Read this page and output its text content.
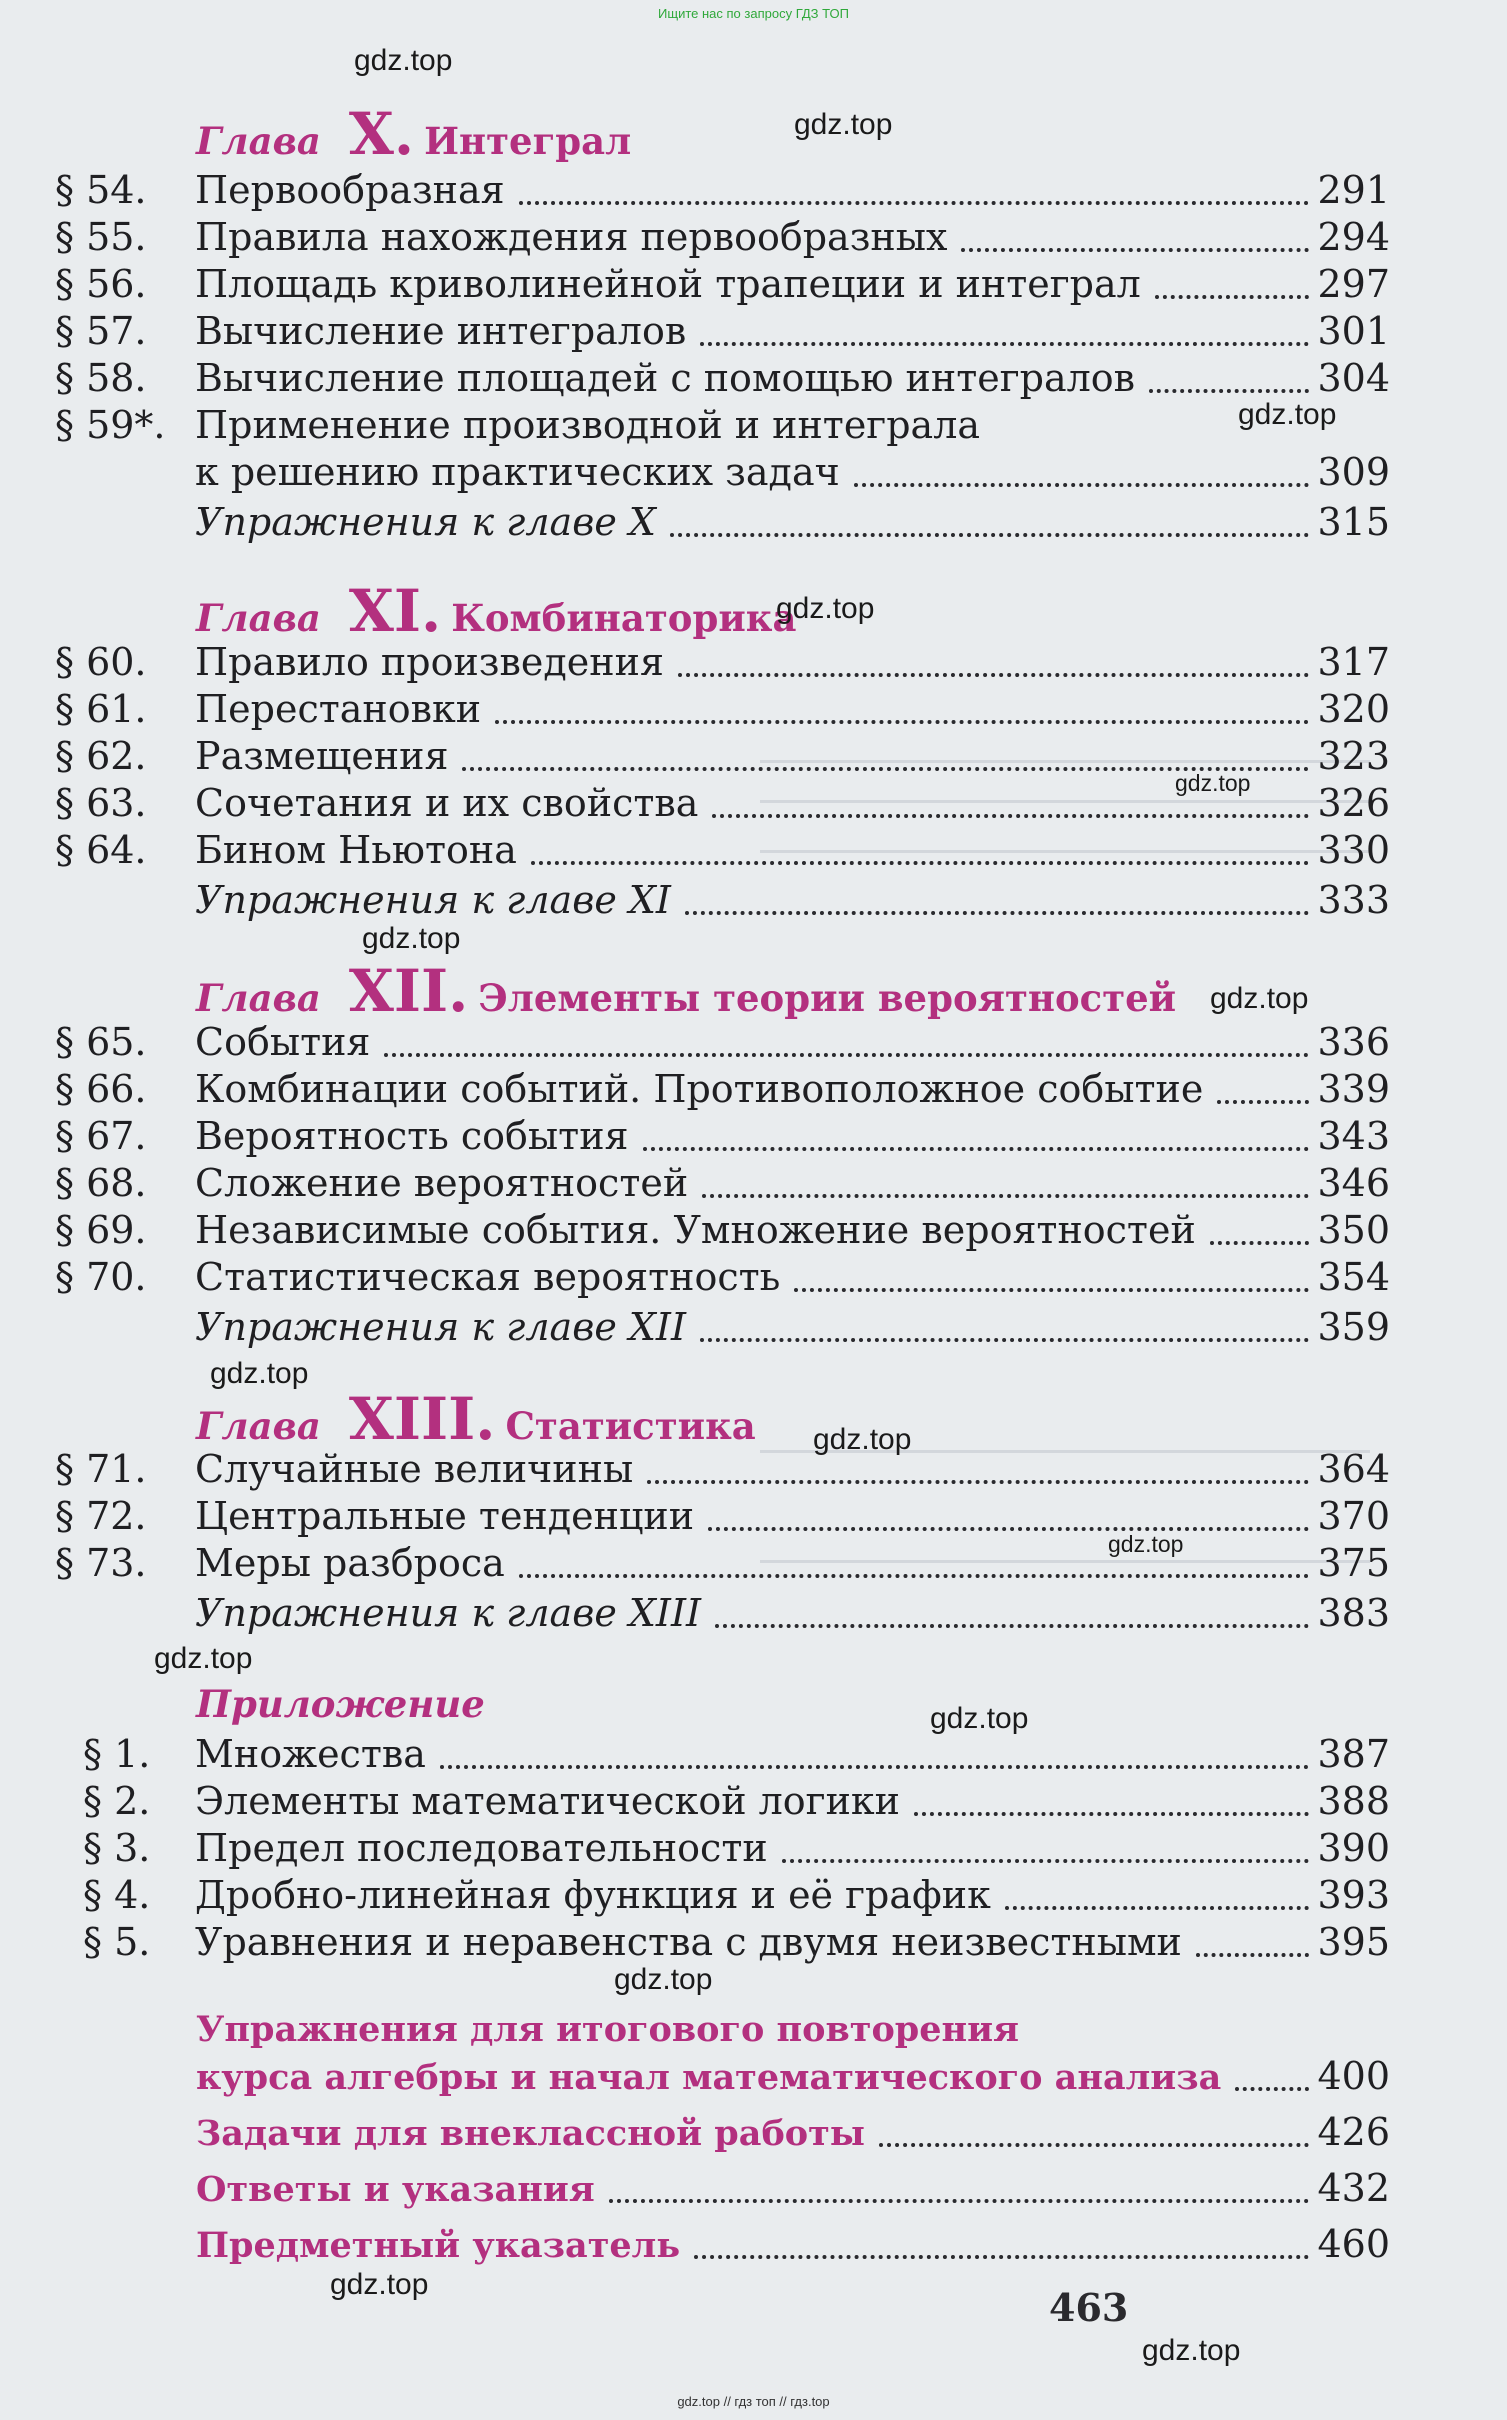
Ищите нас по запросу ГДЗ ТОП
gdz.top // гдз топ // гдз.top
Глава X. Интеграл
§ 54.	Первообразная	291
§ 55.	Правила нахождения первообразных	294
§ 56.	Площадь криволинейной трапеции и интеграл	297
§ 57.	Вычисление интегралов	301
§ 58.	Вычисление площадей с помощью интегралов	304
§ 59*. Применение производной и интеграла
к решению практических задач	309
Упражнения к главе X	315
Глава XI. Комбинаторика
§ 60.	Правило произведения	317
§ 61.	Перестановки	320
§ 62.	Размещения	323
§ 63.	Сочетания и их свойства	326
§ 64.	Бином Ньютона	330
Упражнения к главе XI	333
Глава XII. Элементы теории вероятностей
§ 65.	События	336
§ 66.	Комбинации событий. Противоположное событие	339
§ 67.	Вероятность события	343
§ 68.	Сложение вероятностей	346
§ 69.	Независимые события. Умножение вероятностей	350
§ 70.	Статистическая вероятность	354
Упражнения к главе XII	359
Глава XIII. Статистика
§ 71.	Случайные величины	364
§ 72.	Центральные тенденции	370
§ 73.	Меры разброса	375
Упражнения к главе XIII	383
Приложение
§ 1.	Множества	387
§ 2.	Элементы математической логики	388
§ 3.	Предел последовательности	390
§ 4.	Дробно-линейная функция и её график	393
§ 5.	Уравнения и неравенства с двумя неизвестными	395
Упражнения для итогового повторения
курса алгебры и начал математического анализа	400
Задачи для внеклассной работы	426
Ответы и указания	432
Предметный указатель	460
463
gdz.top
gdz.top
gdz.top
gdz.top
gdz.top
gdz.top
gdz.top
gdz.top
gdz.top
gdz.top
gdz.top
gdz.top
gdz.top
gdz.top
gdz.top
